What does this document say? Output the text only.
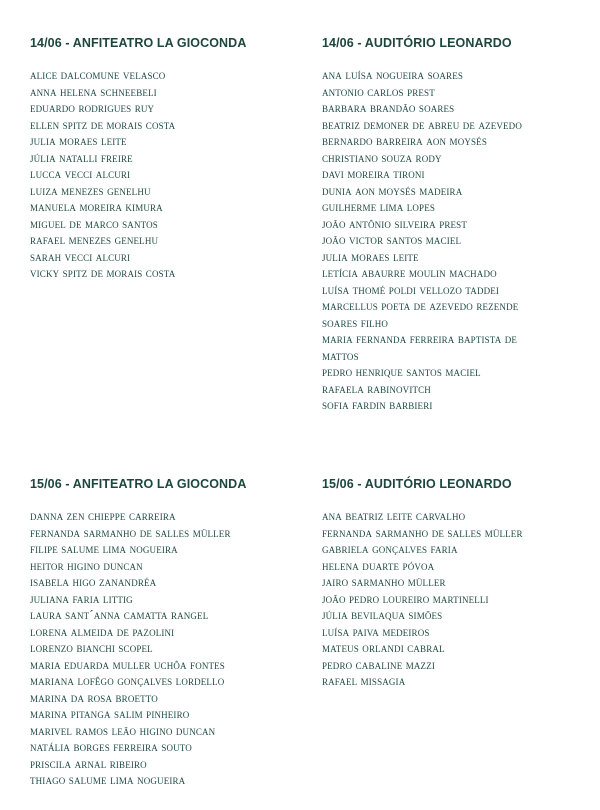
14/06 - ANFITEATRO LA GIOCONDA
alice dalcomune velasco
anna helena schneebeli
eduardo rodrigues ruy
ellen spitz de morais costa
julia moraes leite
júlia natalli freire
lucca vecci alcuri
luiza menezes genelhu
manuela moreira kimura
miguel de marco santos
rafael menezes genelhu
sarah vecci alcuri
vicky spitz de morais costa
14/06 - AUDITÓRIO LEONARDO
ana luísa nogueira soares
antonio carlos prest
barbara brandão soares
beatriz demoner de abreu de azevedo
bernardo barreira aon moysés
christiano souza rody
davi moreira tironi
dunia aon moysés madeira
guilherme lima lopes
joão antônio silveira prest
joão victor santos maciel
julia moraes leite
letícia abaurre moulin machado
luísa thomé poldi vellozo taddei
marcellus poeta de azevedo rezende
soares filho
maria fernanda ferreira baptista de
mattos
pedro henrique santos maciel
rafaela rabinovitch
sofia fardin barbieri
15/06 - ANFITEATRO LA GIOCONDA
danna zen chieppe carreira
fernanda sarmanho de salles müller
filipe salume lima nogueira
heitor higino duncan
isabela higo zanandréa
juliana faria littig
laura sant´anna camatta rangel
lorena almeida de pazolini
lorenzo bianchi scopel
maria eduarda muller uchôa fontes
mariana lofêgo gonçalves lordello
marina da rosa broetto
marina pitanga salim pinheiro
marivel ramos leão higino duncan
natália borges ferreira souto
priscila arnal ribeiro
thiago salume lima nogueira
15/06 - AUDITÓRIO LEONARDO
ana beatriz leite carvalho
fernanda sarmanho de salles müller
gabriela gonçalves faria
helena duarte póvoa
jairo sarmanho müller
joão pedro loureiro martinelli
júlia bevilaqua simões
luísa paiva medeiros
mateus orlandi cabral
pedro cabaline mazzi
rafael missagia
